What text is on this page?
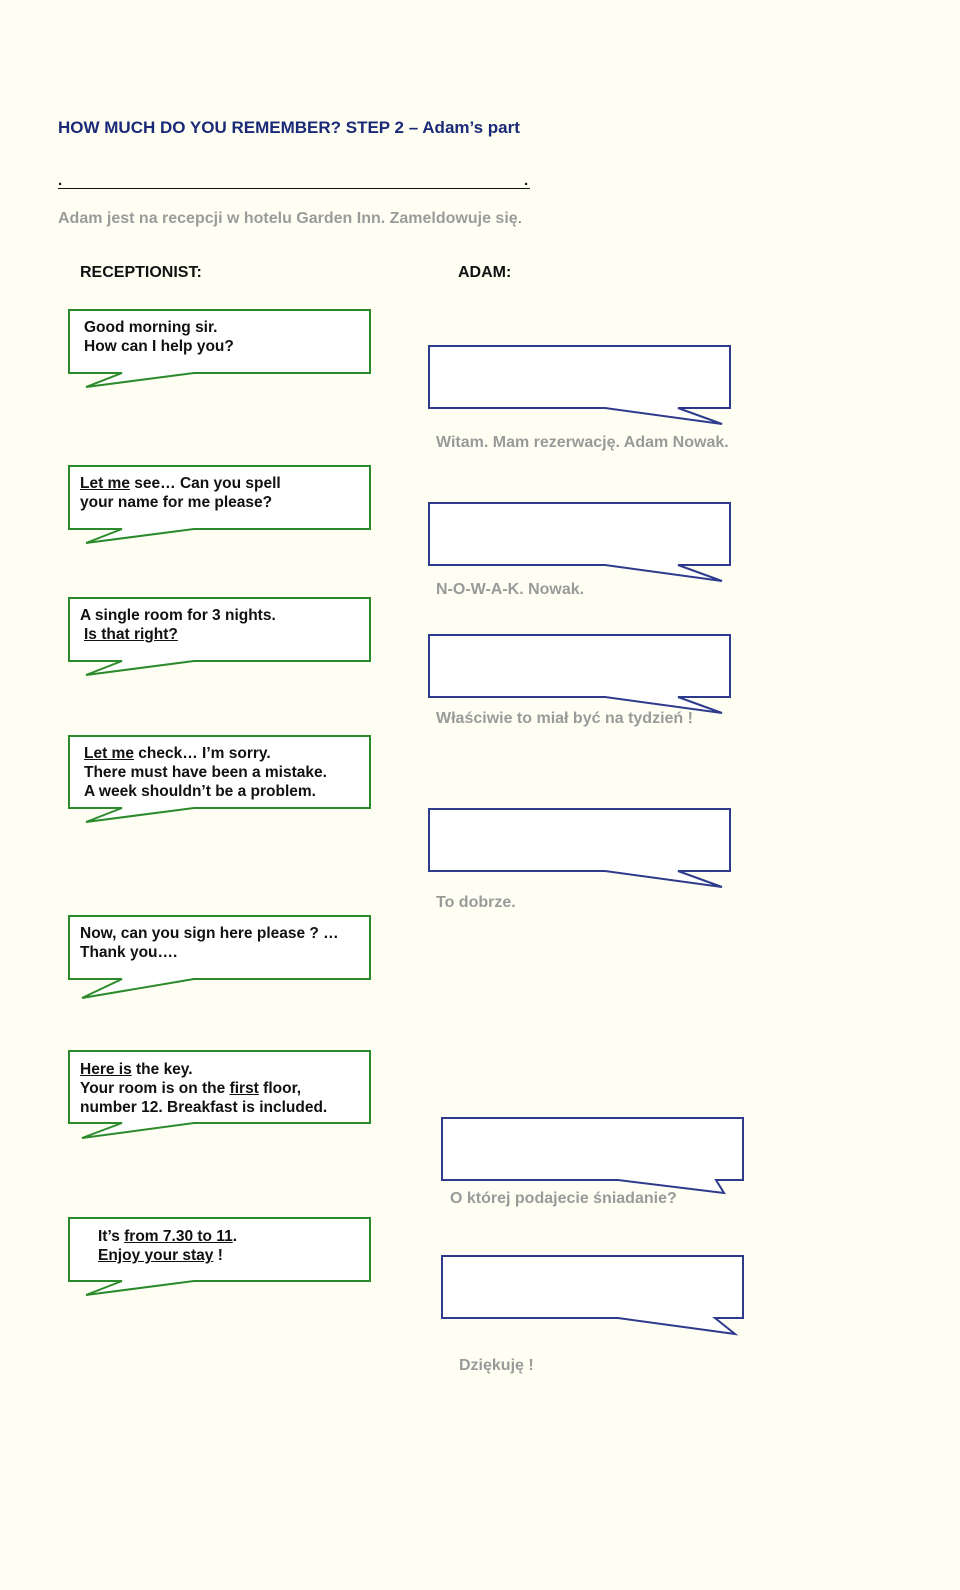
HOW MUCH DO YOU REMEMBER? STEP 2 – Adam’s part
.	.
Adam jest na recepcji w hotelu Garden Inn. Zameldowuje się.
RECEPTIONIST:	ADAM:
Good morning sir.
How can I help you?
Let me see… Can you spell
your name for me please?
A single room for 3 nights.
Is that right?
Let me check… I’m sorry.
There must have been a mistake.
A week shouldn’t be a problem.
Now, can you sign here please ? …
Thank you….
Here is the key.
Your room is on the first floor,
number 12. Breakfast is included.
It’s from 7.30 to 11.
Enjoy your stay !
Witam. Mam rezerwację. Adam Nowak.
N-O-W-A-K. Nowak.
Właściwie to miał być na tydzień !
To dobrze.
O której podajecie śniadanie?
Dziękuję !
